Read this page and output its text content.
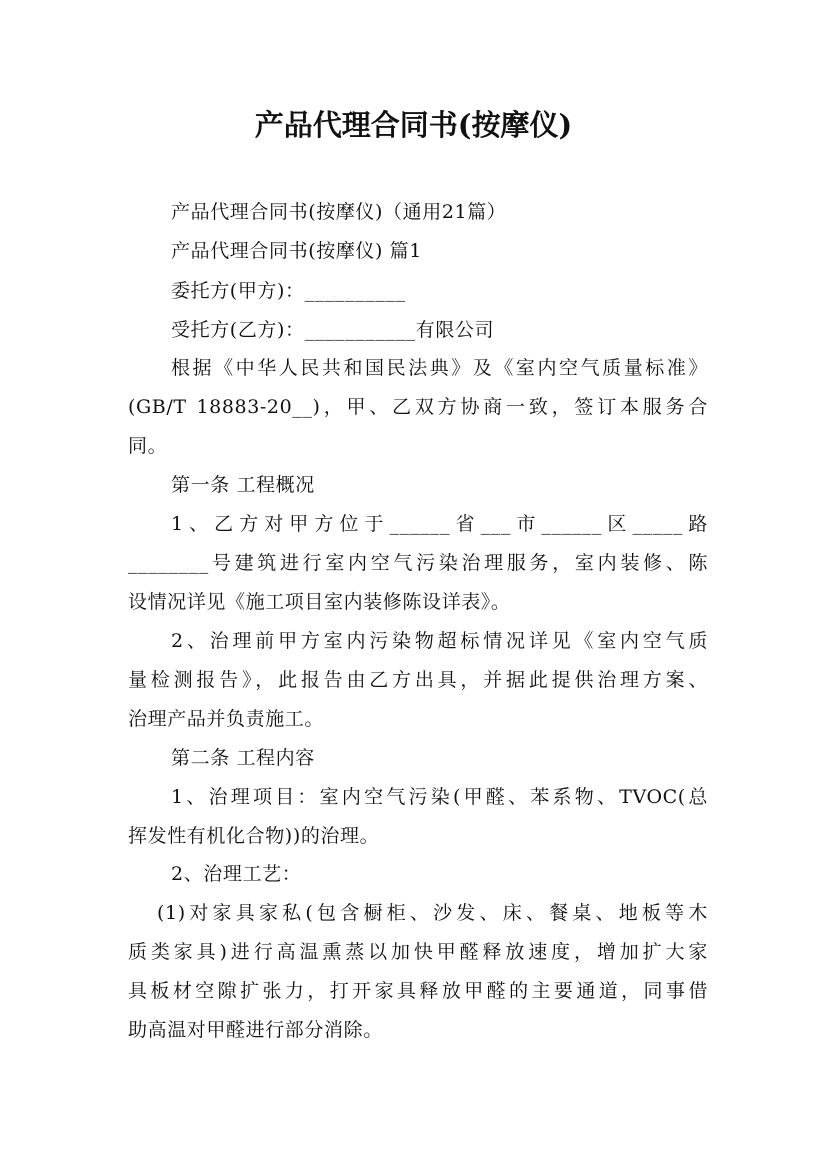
产品代理合同书(按摩仪)
产品代理合同书(按摩仪)（通用21篇）
产品代理合同书(按摩仪) 篇1
委托方(甲方)：__________
受托方(乙方)：___________有限公司
根据《中华人民共和国民法典》及《室内空气质量标准》
(GB/T 18883-20__)，甲、乙双方协商一致，签订本服务合
同。
第一条 工程概况
1、乙方对甲方位于______省___市______区_____路
________号建筑进行室内空气污染治理服务，室内装修、陈
设情况详见《施工项目室内装修陈设详表》。
2、治理前甲方室内污染物超标情况详见《室内空气质
量检测报告》，此报告由乙方出具，并据此提供治理方案、
治理产品并负责施工。
第二条 工程内容
1、治理项目：室内空气污染(甲醛、苯系物、TVOC(总
挥发性有机化合物))的治理。
2、治理工艺：
(1)对家具家私(包含橱柜、沙发、床、餐桌、地板等木
质类家具)进行高温熏蒸以加快甲醛释放速度，增加扩大家
具板材空隙扩张力，打开家具释放甲醛的主要通道，同事借
助高温对甲醛进行部分消除。
